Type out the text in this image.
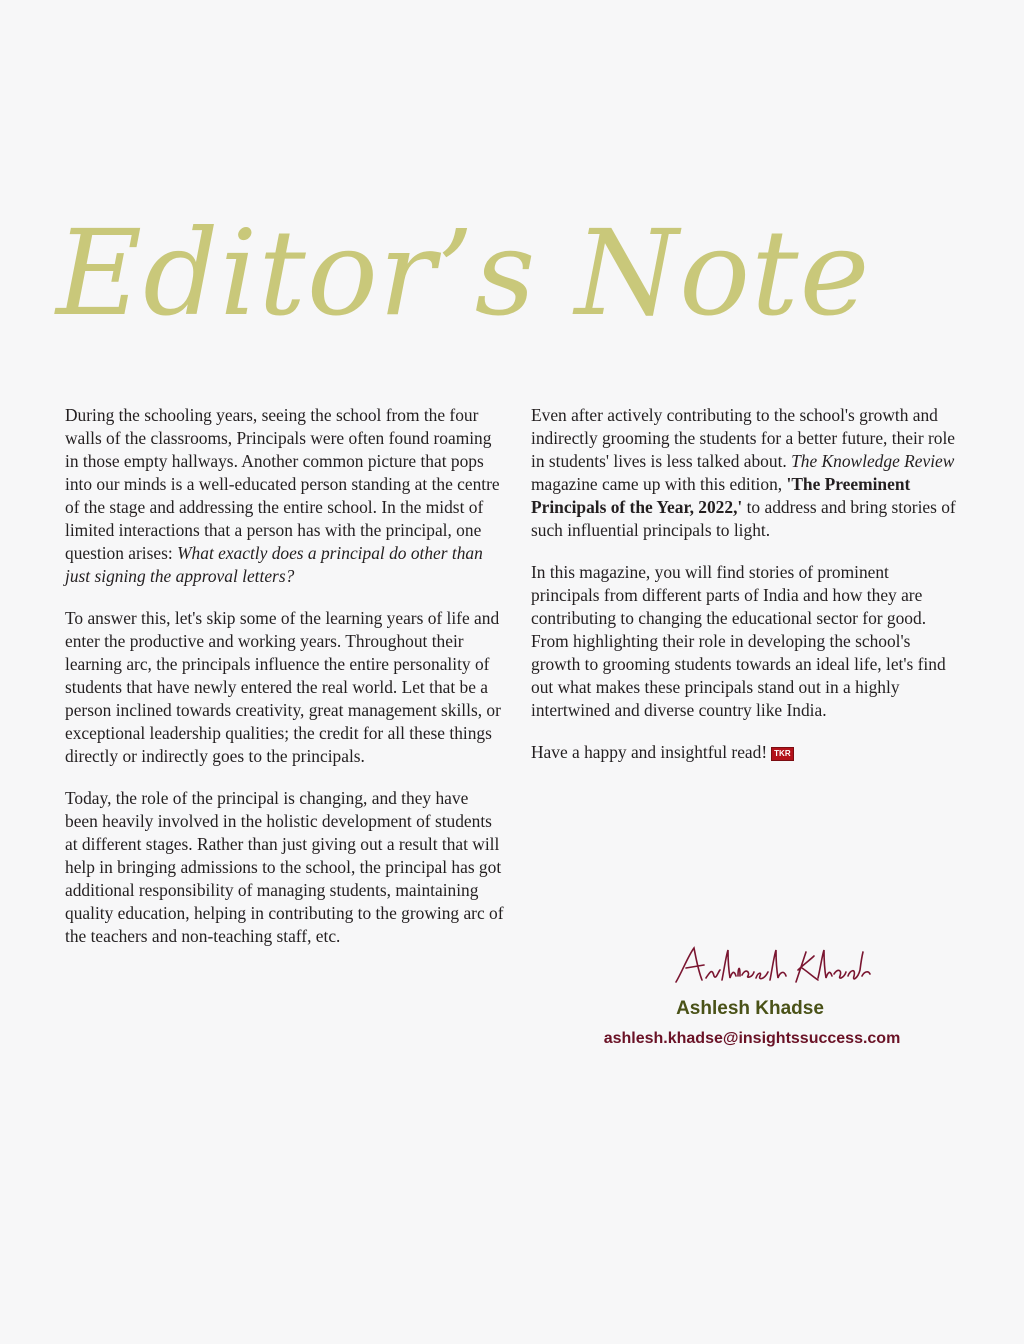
Editor’s Note

During the schooling years, seeing the school from the four walls of the classrooms, Principals were often found roaming in those empty hallways. Another common picture that pops into our minds is a well-educated person standing at the centre of the stage and addressing the entire school. In the midst of limited interactions that a person has with the principal, one question arises: What exactly does a principal do other than just signing the approval letters?

To answer this, let's skip some of the learning years of life and enter the productive and working years. Throughout their learning arc, the principals influence the entire personality of students that have newly entered the real world. Let that be a person inclined towards creativity, great management skills, or exceptional leadership qualities; the credit for all these things directly or indirectly goes to the principals.

Today, the role of the principal is changing, and they have been heavily involved in the holistic development of students at different stages. Rather than just giving out a result that will help in bringing admissions to the school, the principal has got additional responsibility of managing students, maintaining quality education, helping in contributing to the growing arc of the teachers and non-teaching staff, etc.

Even after actively contributing to the school's growth and indirectly grooming the students for a better future, their role in students' lives is less talked about. The Knowledge Review magazine came up with this edition, 'The Preeminent Principals of the Year, 2022,' to address and bring stories of such influential principals to light.

In this magazine, you will find stories of prominent principals from different parts of India and how they are contributing to changing the educational sector for good. From highlighting their role in developing the school's growth to grooming students towards an ideal life, let's find out what makes these principals stand out in a highly intertwined and diverse country like India.

Have a happy and insightful read! TKR

Ashlesh Khadse
ashlesh.khadse@insightssuccess.com
